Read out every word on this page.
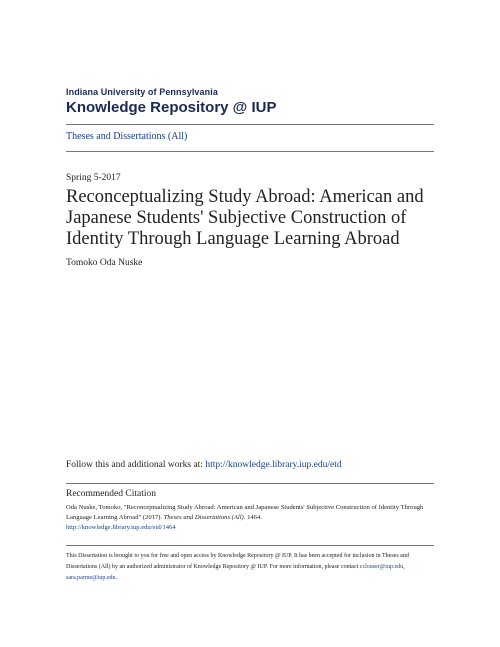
Indiana University of Pennsylvania
Knowledge Repository @ IUP
Theses and Dissertations (All)
Spring 5-2017
Reconceptualizing Study Abroad: American and Japanese Students' Subjective Construction of Identity Through Language Learning Abroad
Tomoko Oda Nuske
Follow this and additional works at: http://knowledge.library.iup.edu/etd
Recommended Citation

Oda Nuske, Tomoko, "Reconceptualizing Study Abroad: American and Japanese Students' Subjective Construction of Identity Through Language Learning Abroad" (2017). Theses and Dissertations (All). 1464.
http://knowledge.library.iup.edu/etd/1464

This Dissertation is brought to you for free and open access by Knowledge Repository @ IUP. It has been accepted for inclusion in Theses and Dissertations (All) by an authorized administrator of Knowledge Repository @ IUP. For more information, please contact cclouser@iup.edu, sara.parme@iup.edu.
